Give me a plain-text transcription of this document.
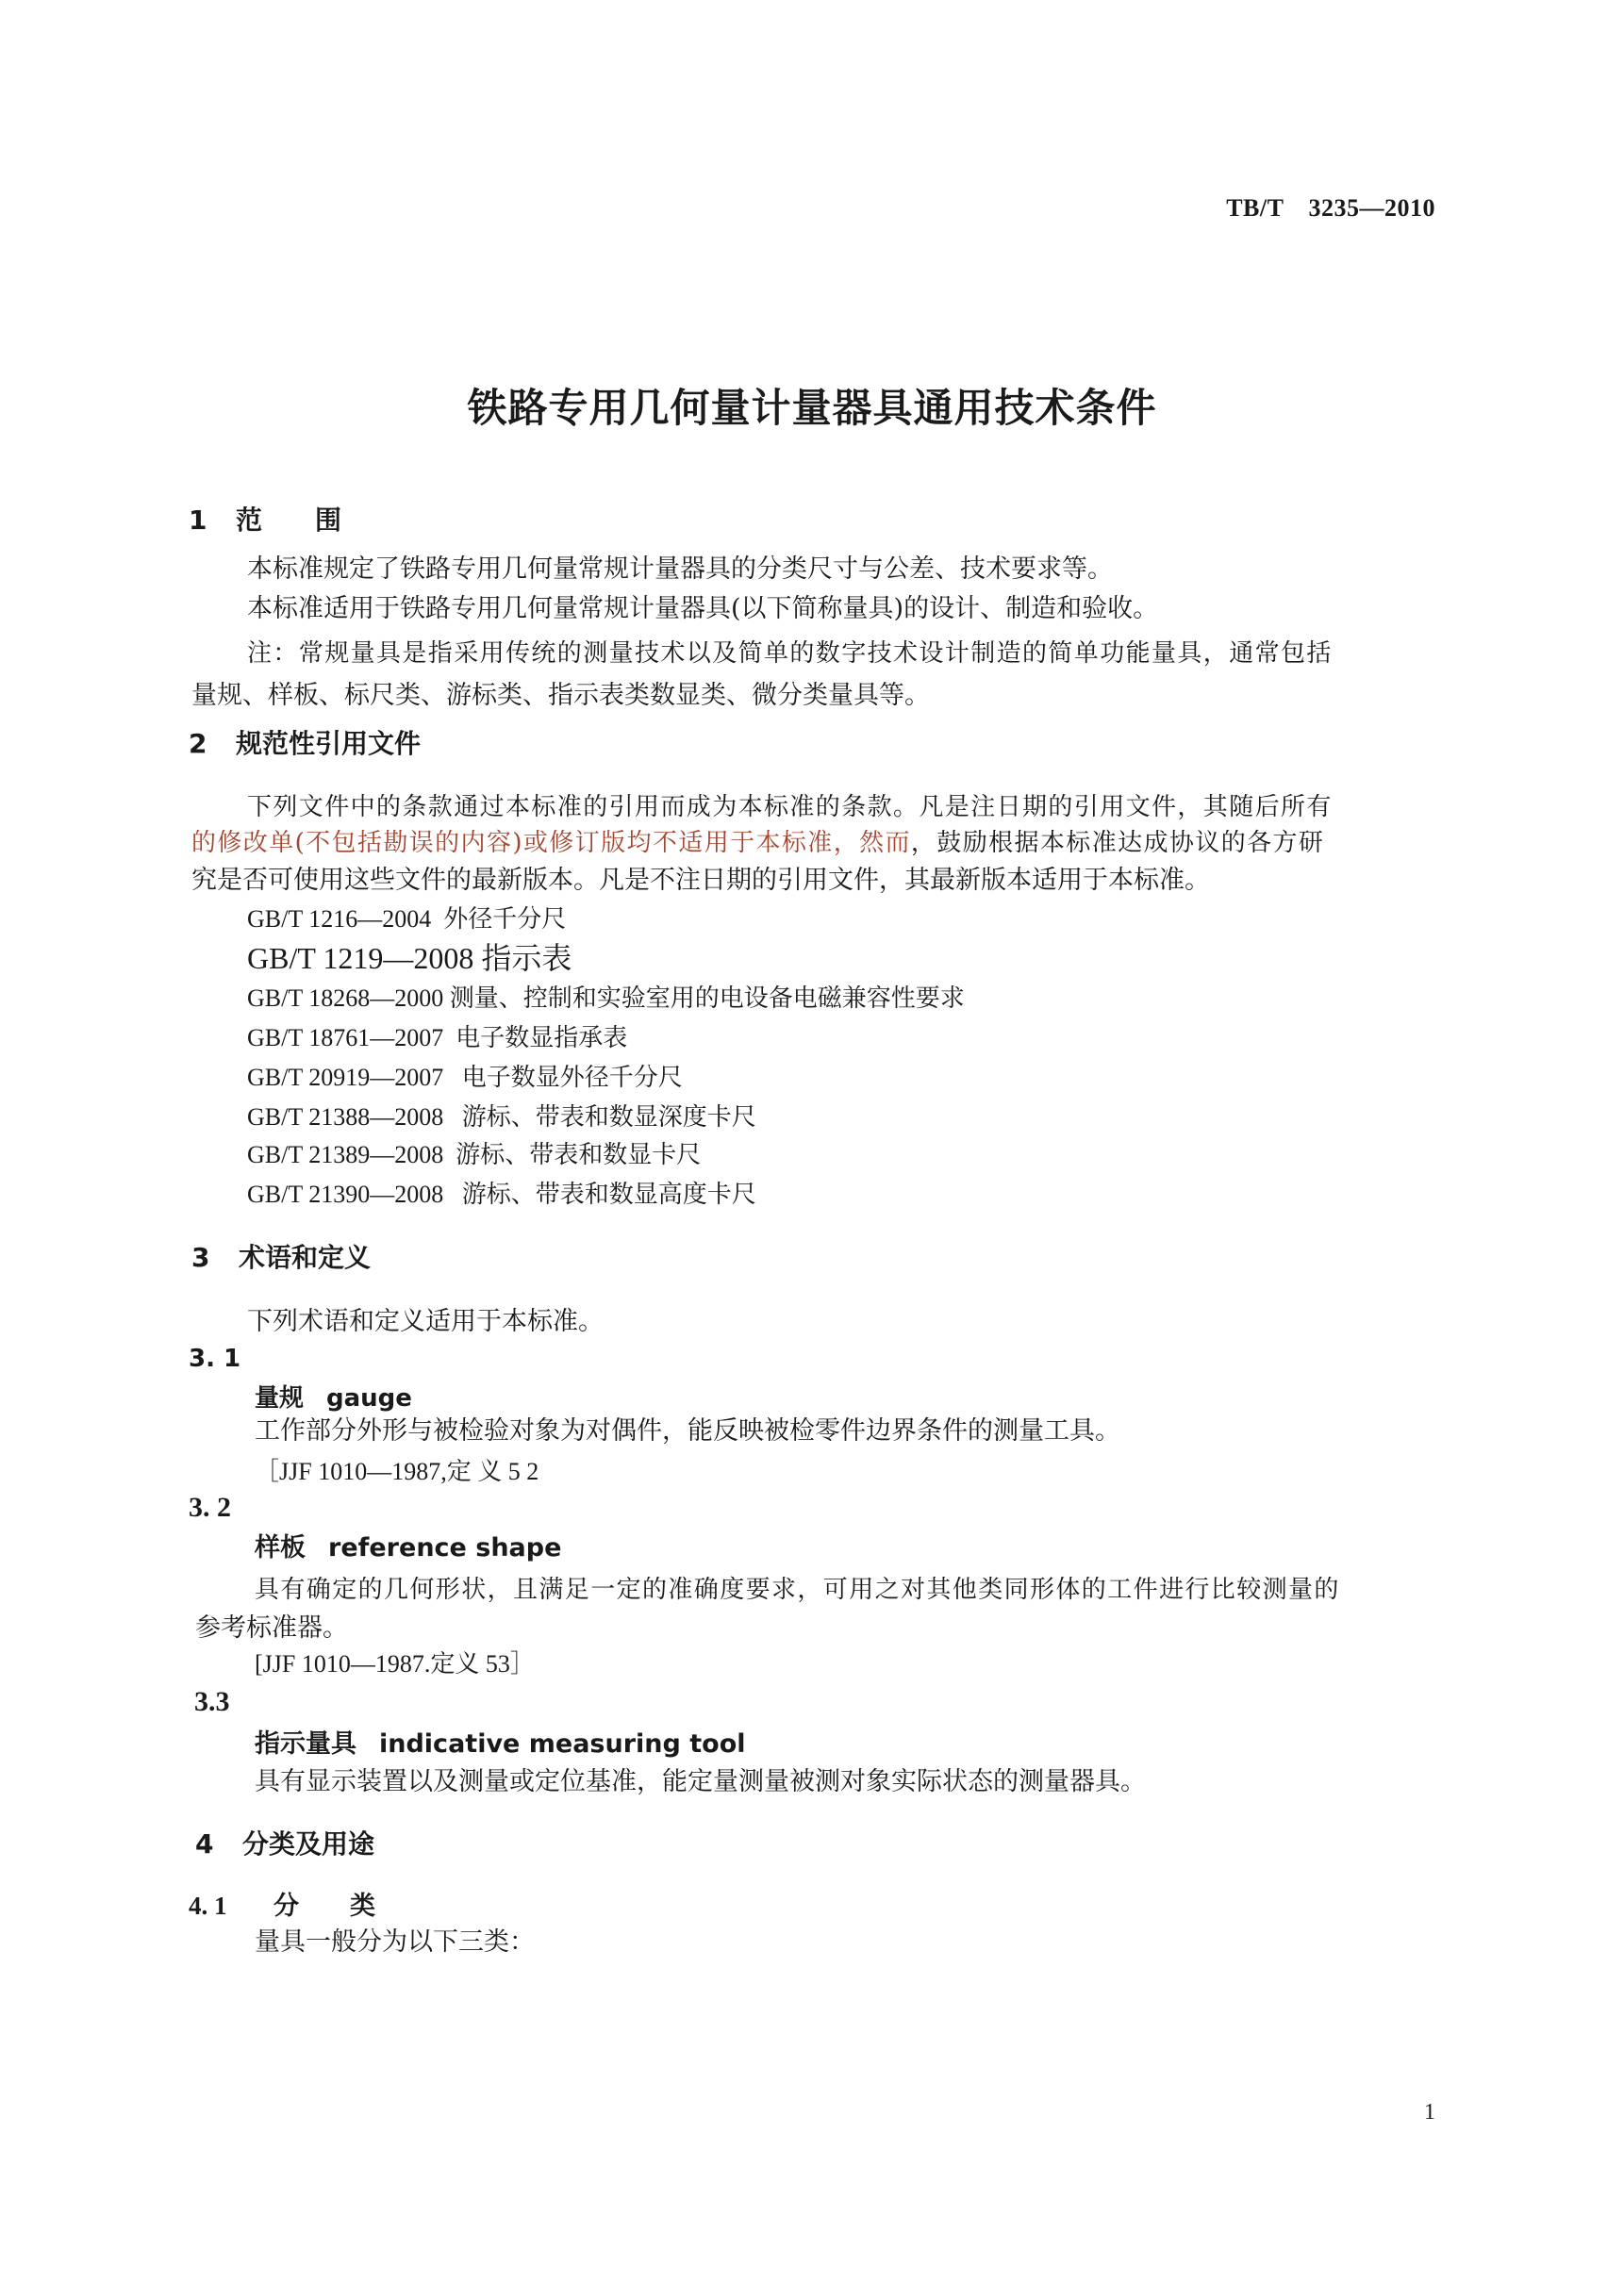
TB/T　3235—2010
铁路专用几何量计量器具通用技术条件
1 范　　围
本标准规定了铁路专用几何量常规计量器具的分类尺寸与公差、技术要求等。
本标准适用于铁路专用几何量常规计量器具(以下简称量具)的设计、制造和验收。
注：常规量具是指采用传统的测量技术以及简单的数字技术设计制造的简单功能量具，通常包括
量规、样板、标尺类、游标类、指示表类数显类、微分类量具等。
2 规范性引用文件
下列文件中的条款通过本标准的引用而成为本标准的条款。凡是注日期的引用文件，其随后所有
的修改单(不包括勘误的内容)或修订版均不适用于本标准，然而，鼓励根据本标准达成协议的各方研
究是否可使用这些文件的最新版本。凡是不注日期的引用文件，其最新版本适用于本标准。
GB/T 1216—2004 外径千分尺
GB/T 1219—2008 指示表
GB/T 18268—2000 测量、控制和实验室用的电设备电磁兼容性要求
GB/T 18761—2007 电子数显指承表
GB/T 20919—2007 电子数显外径千分尺
GB/T 21388—2008 游标、带表和数显深度卡尺
GB/T 21389—2008 游标、带表和数显卡尺
GB/T 21390—2008 游标、带表和数显高度卡尺
3 术语和定义
下列术语和定义适用于本标准。
3. 1
量规 gauge
工作部分外形与被检验对象为对偶件，能反映被检零件边界条件的测量工具。
［JJF 1010—1987,定 义 5 2
3. 2
样板 reference shape
具有确定的几何形状，且满足一定的准确度要求，可用之对其他类同形体的工件进行比较测量的
参考标准器。
[JJF 1010—1987.定义 53］
3.3
指示量具 indicative measuring tool
具有显示装置以及测量或定位基准，能定量测量被测对象实际状态的测量器具。
4 分类及用途
4. 1 分　　类
量具一般分为以下三类：
1
